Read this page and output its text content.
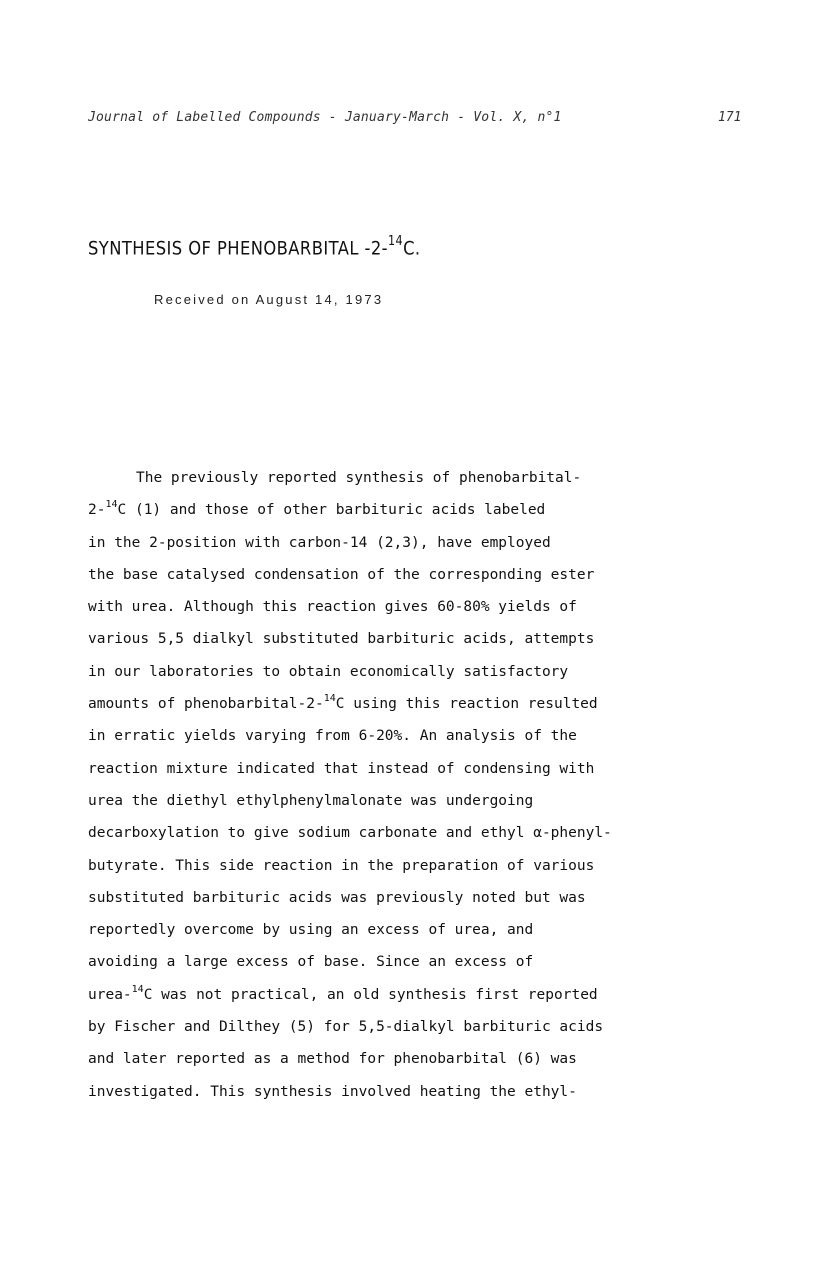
Journal of Labelled Compounds - January-March - Vol. X, n°1	171
SYNTHESIS OF PHENOBARBITAL -2-$^{14}$C.
Received on August 14, 1973
The previously reported synthesis of phenobarbital-
2-$^{14}$C (1) and those of other barbituric acids labeled
in the 2-position with carbon-14 (2,3), have employed
the base catalysed condensation of the corresponding ester
with urea. Although this reaction gives 60-80% yields of
various 5,5 dialkyl substituted barbituric acids, attempts
in our laboratories to obtain economically satisfactory
amounts of phenobarbital-2-$^{14}$C using this reaction resulted
in erratic yields varying from 6-20%. An analysis of the
reaction mixture indicated that instead of condensing with
urea the diethyl ethylphenylmalonate was undergoing
decarboxylation to give sodium carbonate and ethyl α-phenyl-
butyrate. This side reaction in the preparation of various
substituted barbituric acids was previously noted but was
reportedly overcome by using an excess of urea, and
avoiding a large excess of base. Since an excess of
urea-$^{14}$C was not practical, an old synthesis first reported
by Fischer and Dilthey (5) for 5,5-dialkyl barbituric acids
and later reported as a method for phenobarbital (6) was
investigated. This synthesis involved heating the ethyl-
